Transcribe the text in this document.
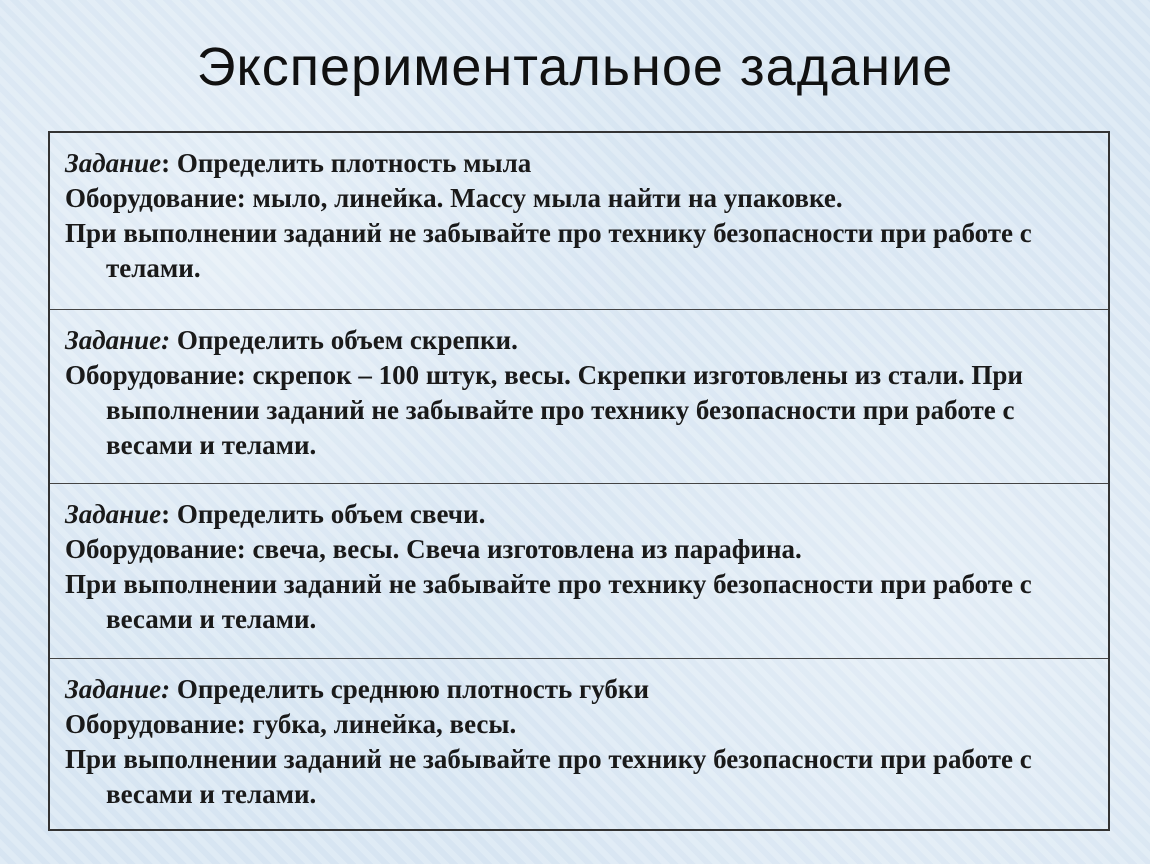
Экспериментальное задание
Задание: Определить плотность мыла
Оборудование: мыло, линейка. Массу мыла найти на упаковке.
При выполнении заданий не забывайте про технику безопасности при работе с телами.
Задание: Определить объем скрепки.
Оборудование: скрепок – 100 штук, весы. Скрепки изготовлены из стали. При выполнении заданий не забывайте про технику безопасности при работе с весами и телами.
Задание: Определить объем свечи.
Оборудование: свеча, весы. Свеча изготовлена из парафина.
При выполнении заданий не забывайте про технику безопасности при работе с весами и телами.
Задание: Определить среднюю плотность губки
Оборудование: губка, линейка, весы.
При выполнении заданий не забывайте про технику безопасности при работе с весами и телами.
